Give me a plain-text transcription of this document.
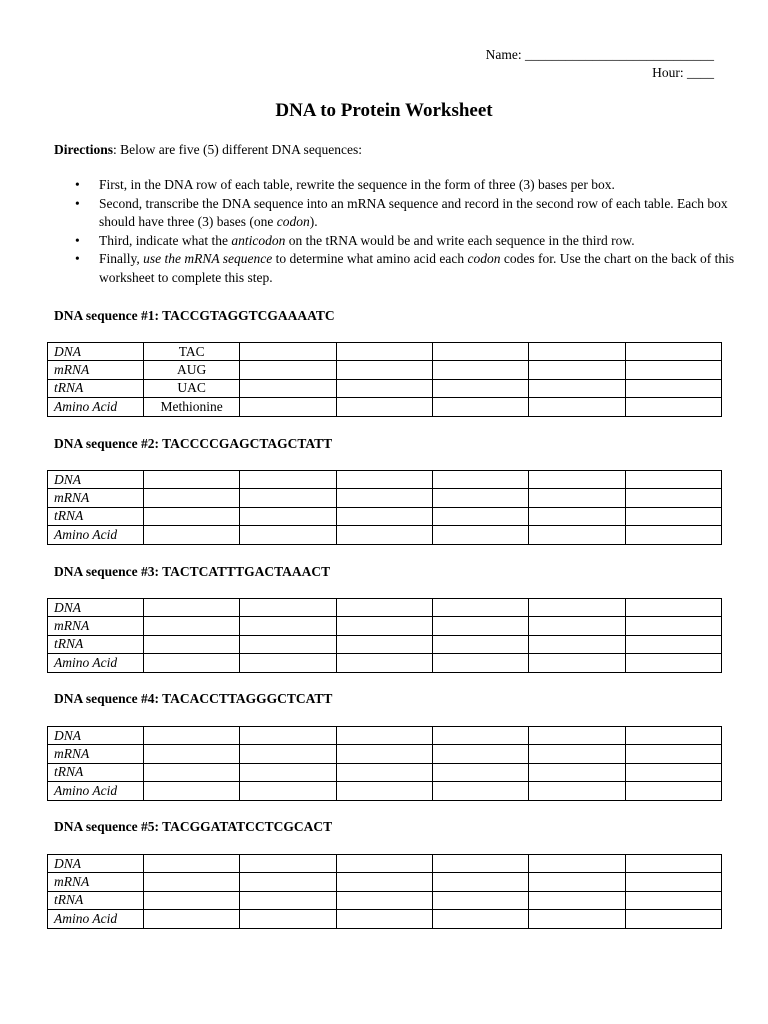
Name: ____________________________
Hour: ____
DNA to Protein Worksheet
Directions: Below are five (5) different DNA sequences:
• First, in the DNA row of each table, rewrite the sequence in the form of three (3) bases per box.
• Second, transcribe the DNA sequence into an mRNA sequence and record in the second row of each table. Each box should have three (3) bases (one codon).
• Third, indicate what the anticodon on the tRNA would be and write each sequence in the third row.
• Finally, use the mRNA sequence to determine what amino acid each codon codes for. Use the chart on the back of this worksheet to complete this step.
DNA sequence #1: TACCGTAGGTCGAAAATC
DNA	TAC					
mRNA	AUG					
tRNA	UAC					
Amino Acid	Methionine					
DNA sequence #2: TACCCCGAGCTAGCTATT
DNA						
mRNA						
tRNA						
Amino Acid						
DNA sequence #3: TACTCATTTGACTAAACT
DNA						
mRNA						
tRNA						
Amino Acid						
DNA sequence #4: TACACCTTAGGGCTCATT
DNA						
mRNA						
tRNA						
Amino Acid						
DNA sequence #5: TACGGATATCCTCGCACT
DNA						
mRNA						
tRNA						
Amino Acid						
